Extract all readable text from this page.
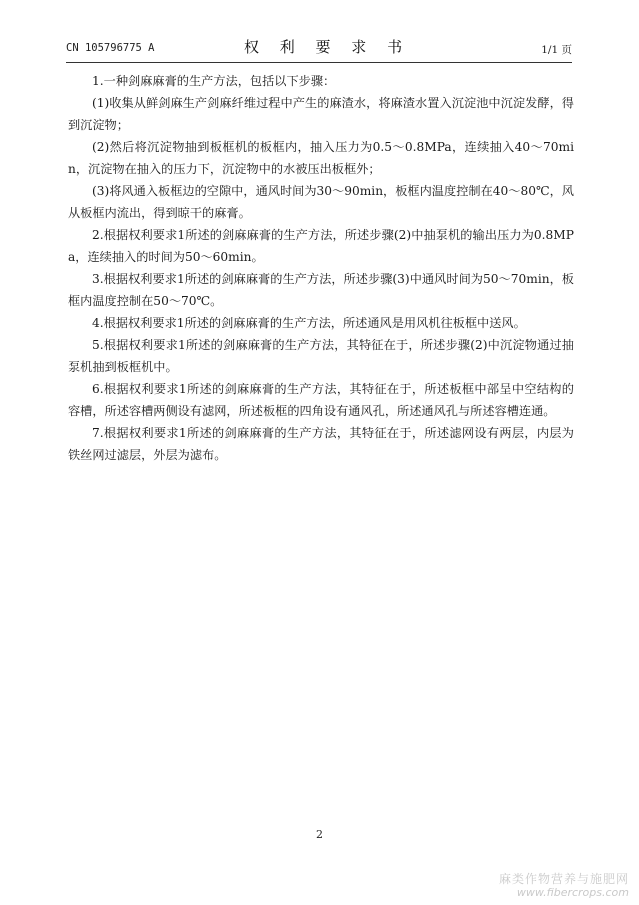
CN 105796775 A	权 利 要 求 书	1/1 页

1.一种剑麻麻膏的生产方法，包括以下步骤：

(1)收集从鲜剑麻生产剑麻纤维过程中产生的麻渣水，将麻渣水置入沉淀池中沉淀发酵，得到沉淀物；

(2)然后将沉淀物抽到板框机的板框内，抽入压力为0.5～0.8MPa，连续抽入40～70min，沉淀物在抽入的压力下，沉淀物中的水被压出板框外；

(3)将风通入板框边的空隙中，通风时间为30～90min，板框内温度控制在40～80℃，风从板框内流出，得到晾干的麻膏。

2.根据权利要求1所述的剑麻麻膏的生产方法，所述步骤(2)中抽泵机的输出压力为0.8MPa，连续抽入的时间为50～60min。

3.根据权利要求1所述的剑麻麻膏的生产方法，所述步骤(3)中通风时间为50～70min，板框内温度控制在50～70℃。

4.根据权利要求1所述的剑麻麻膏的生产方法，所述通风是用风机往板框中送风。

5.根据权利要求1所述的剑麻麻膏的生产方法，其特征在于，所述步骤(2)中沉淀物通过抽泵机抽到板框机中。

6.根据权利要求1所述的剑麻麻膏的生产方法，其特征在于，所述板框中部呈中空结构的容槽，所述容槽两侧设有滤网，所述板框的四角设有通风孔，所述通风孔与所述容槽连通。

7.根据权利要求1所述的剑麻麻膏的生产方法，其特征在于，所述滤网设有两层，内层为铁丝网过滤层，外层为滤布。

2
麻类作物营养与施肥网
www.fibercrops.com
